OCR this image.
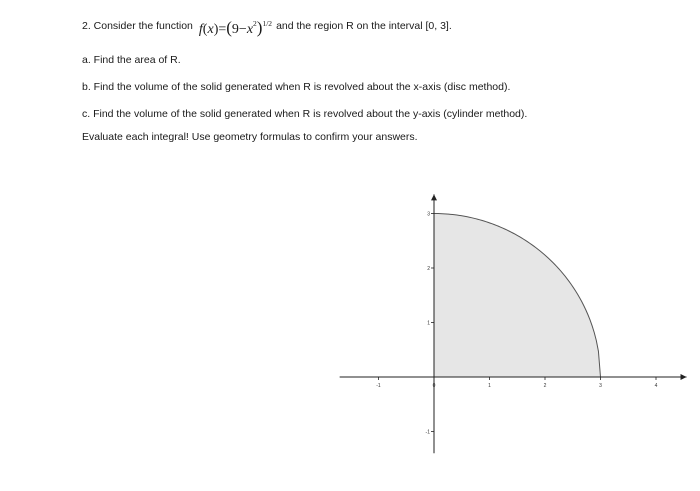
2. Consider the function $f(x)=(9-x^2)^{1/2}$ and the region R on the interval [0, 3].
a. Find the area of R.
b. Find the volume of the solid generated when R is revolved about the x-axis (disc method).
c. Find the volume of the solid generated when R is revolved about the y-axis (cylinder method).
Evaluate each integral! Use geometry formulas to confirm your answers.
-1	0	1	2	3	4
-1
1
2
3
